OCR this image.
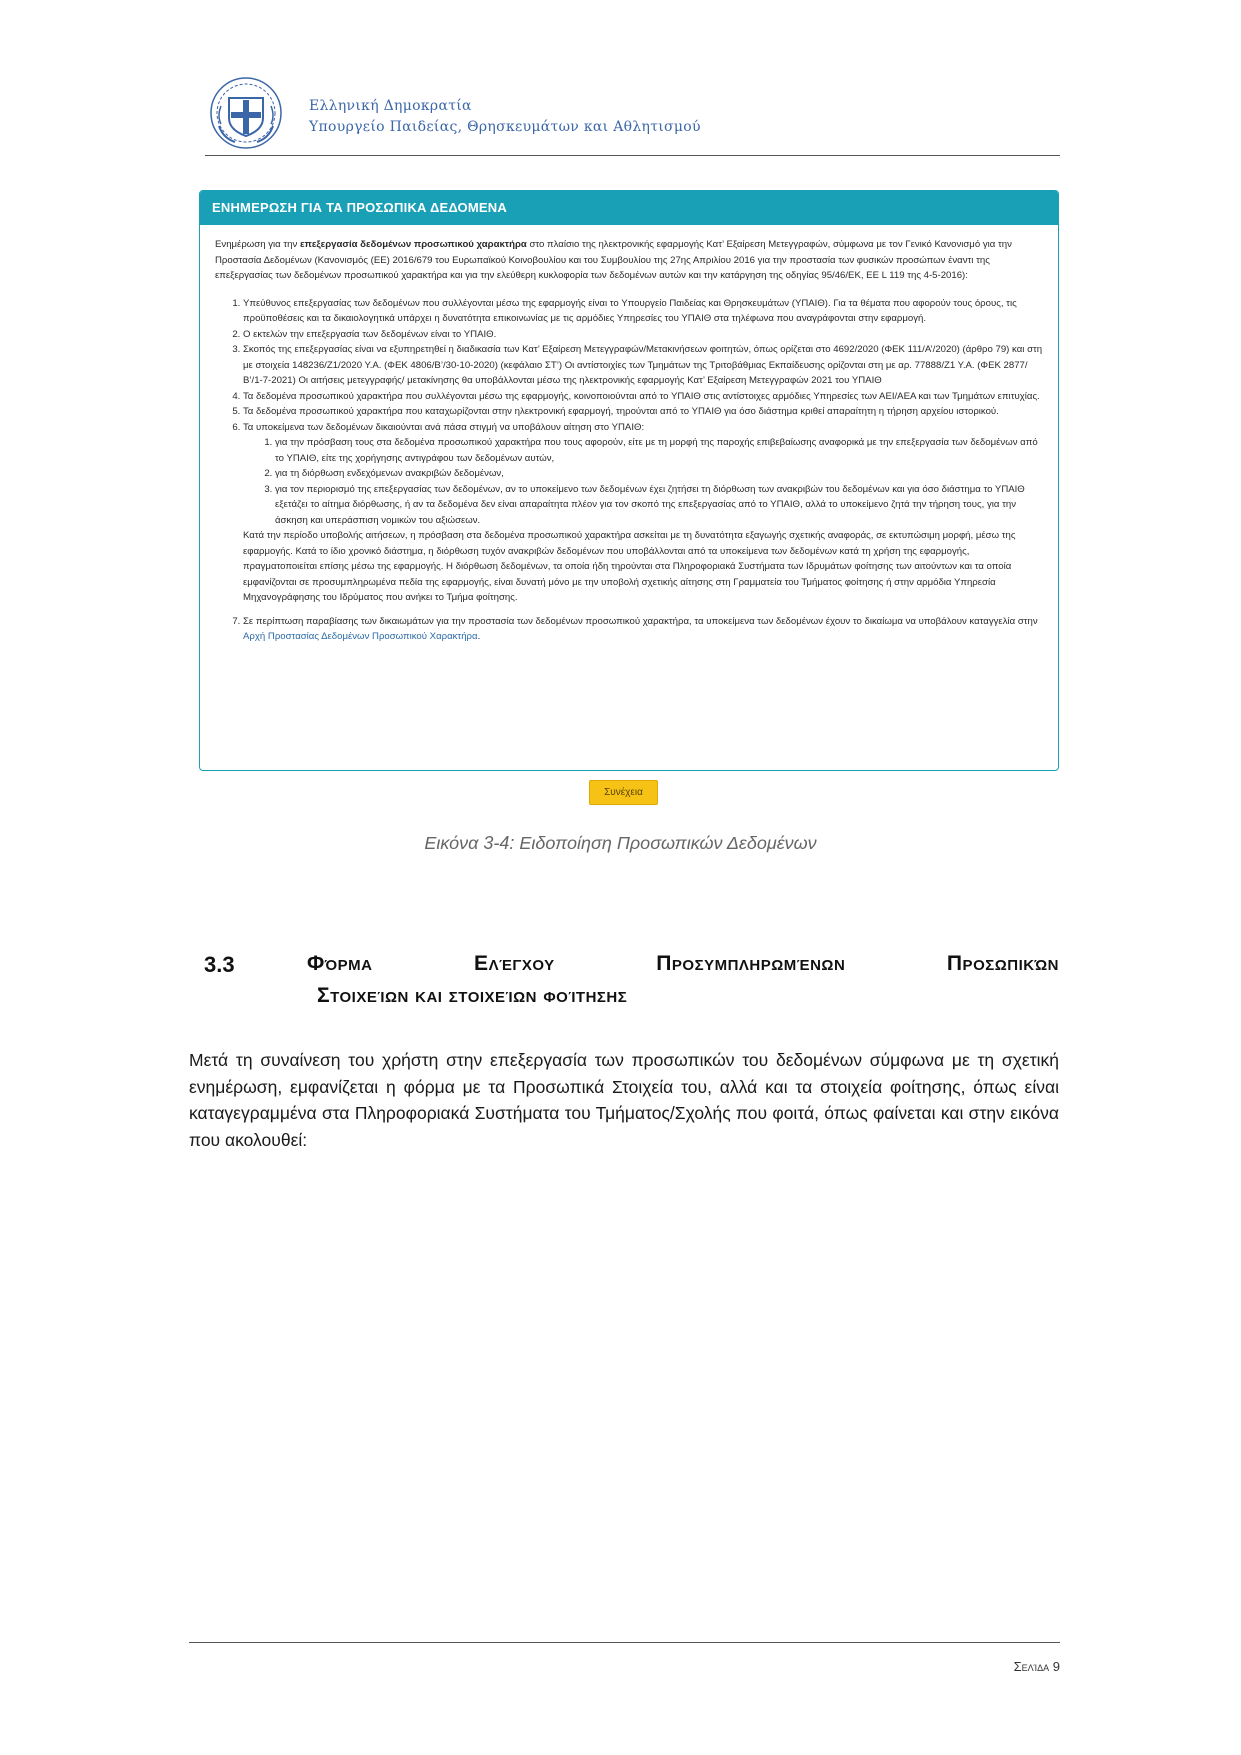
Ελληνική Δημοκρατία
Υπουργείο Παιδείας, Θρησκευμάτων και Αθλητισμού
ΕΝΗΜΕΡΩΣΗ ΓΙΑ ΤΑ ΠΡΟΣΩΠΙΚΑ ΔΕΔΟΜΕΝΑ

Ενημέρωση για την επεξεργασία δεδομένων προσωπικού χαρακτήρα στο πλαίσιο της ηλεκτρονικής εφαρμογής Κατ’ Εξαίρεση Μετεγγραφών, σύμφωνα με τον Γενικό Κανονισμό για την Προστασία Δεδομένων (Κανονισμός (ΕΕ) 2016/679 του Ευρωπαϊκού Κοινοβουλίου και του Συμβουλίου της 27ης Απριλίου 2016 για την προστασία των φυσικών προσώπων έναντι της επεξεργασίας των δεδομένων προσωπικού χαρακτήρα και για την ελεύθερη κυκλοφορία των δεδομένων αυτών και την κατάργηση της οδηγίας 95/46/ΕΚ, ΕΕ L 119 της 4-5-2016):

1. Υπεύθυνος επεξεργασίας των δεδομένων που συλλέγονται μέσω της εφαρμογής είναι το Υπουργείο Παιδείας και Θρησκευμάτων (ΥΠΑΙΘ). Για τα θέματα που αφορούν τους όρους, τις προϋποθέσεις και τα δικαιολογητικά υπάρχει η δυνατότητα επικοινωνίας με τις αρμόδιες Υπηρεσίες του ΥΠΑΙΘ στα τηλέφωνα που αναγράφονται στην εφαρμογή.
2. Ο εκτελών την επεξεργασία των δεδομένων είναι το ΥΠΑΙΘ.
3. Σκοπός της επεξεργασίας είναι να εξυπηρετηθεί η διαδικασία των Κατ’ Εξαίρεση Μετεγγραφών/Μετακινήσεων φοιτητών, όπως ορίζεται στο 4692/2020 (ΦΕΚ 111/Α’/2020) (άρθρο 79) και στη με στοιχεία 148236/Ζ1/2020 Υ.Α. (ΦΕΚ 4806/Β’/30-10-2020) (κεφάλαιο ΣΤ’) Οι αντίστοιχίες των Τμημάτων της Τριτοβάθμιας Εκπαίδευσης ορίζονται στη με αρ. 77888/Ζ1 Υ.Α. (ΦΕΚ 2877/Β’/1-7-2021) Οι αιτήσεις μετεγγραφής/ μετακίνησης θα υποβάλλονται μέσω της ηλεκτρονικής εφαρμογής Κατ’ Εξαίρεση Μετεγγραφών 2021 του ΥΠΑΙΘ
4. Τα δεδομένα προσωπικού χαρακτήρα που συλλέγονται μέσω της εφαρμογής, κοινοποιούνται από το ΥΠΑΙΘ στις αντίστοιχες αρμόδιες Υπηρεσίες των ΑΕΙ/ΑΕΑ και των Τμημάτων επιτυχίας.
5. Τα δεδομένα προσωπικού χαρακτήρα που καταχωρίζονται στην ηλεκτρονική εφαρμογή, τηρούνται από το ΥΠΑΙΘ για όσο διάστημα κριθεί απαραίτητη η τήρηση αρχείου ιστορικού.
6. Τα υποκείμενα των δεδομένων δικαιούνται ανά πάσα στιγμή να υποβάλουν αίτηση στο ΥΠΑΙΘ:
1. για την πρόσβαση τους στα δεδομένα προσωπικού χαρακτήρα που τους αφορούν, είτε με τη μορφή της παροχής επιβεβαίωσης αναφορικά με την επεξεργασία των δεδομένων από το ΥΠΑΙΘ, είτε της χορήγησης αντιγράφου των δεδομένων αυτών,
2. για τη διόρθωση ενδεχόμενων ανακριβών δεδομένων,
3. για τον περιορισμό της επεξεργασίας των δεδομένων, αν το υποκείμενο των δεδομένων έχει ζητήσει τη διόρθωση των ανακριβών του δεδομένων και για όσο διάστημα το ΥΠΑΙΘ εξετάζει το αίτημα διόρθωσης, ή αν τα δεδομένα δεν είναι απαραίτητα πλέον για τον σκοπό της επεξεργασίας από το ΥΠΑΙΘ, αλλά το υποκείμενο ζητά την τήρηση τους, για την άσκηση και υπεράσπιση νομικών του αξιώσεων.

Κατά την περίοδο υποβολής αιτήσεων, η πρόσβαση στα δεδομένα προσωπικού χαρακτήρα ασκείται με τη δυνατότητα εξαγωγής σχετικής αναφοράς, σε εκτυπώσιμη μορφή, μέσω της εφαρμογής. Κατά το ίδιο χρονικό διάστημα, η διόρθωση τυχόν ανακριβών δεδομένων που υποβάλλονται από τα υποκείμενα των δεδομένων κατά τη χρήση της εφαρμογής, πραγματοποιείται επίσης μέσω της εφαρμογής. Η διόρθωση δεδομένων, τα οποία ήδη τηρούνται στα Πληροφοριακά Συστήματα των Ιδρυμάτων φοίτησης των αιτούντων και τα οποία εμφανίζονται σε προσυμπληρωμένα πεδία της εφαρμογής, είναι δυνατή μόνο με την υποβολή σχετικής αίτησης στη Γραμματεία του Τμήματος φοίτησης ή στην αρμόδια Υπηρεσία Μηχανογράφησης του Ιδρύματος που ανήκει το Τμήμα φοίτησης.

7. Σε περίπτωση παραβίασης των δικαιωμάτων για την προστασία των δεδομένων προσωπικού χαρακτήρα, τα υποκείμενα των δεδομένων έχουν το δικαίωμα να υποβάλουν καταγγελία στην Αρχή Προστασίας Δεδομένων Προσωπικού Χαρακτήρα.
Συνέχεια
Εικόνα 3-4: Ειδοποίηση Προσωπικών Δεδομένων
3.3	Φόρμα Ελέγχου Προσυμπληρωμένων Προσωπικών
Στοιχείων και στοιχείων φοίτησης
Μετά τη συναίνεση του χρήστη στην επεξεργασία των προσωπικών του δεδομένων σύμφωνα με τη σχετική ενημέρωση, εμφανίζεται η φόρμα με τα Προσωπικά Στοιχεία του, αλλά και τα στοιχεία φοίτησης, όπως είναι καταγεγραμμένα στα Πληροφοριακά Συστήματα του Τμήματος/Σχολής που φοιτά, όπως φαίνεται και στην εικόνα που ακολουθεί:
Σελίδα 9
